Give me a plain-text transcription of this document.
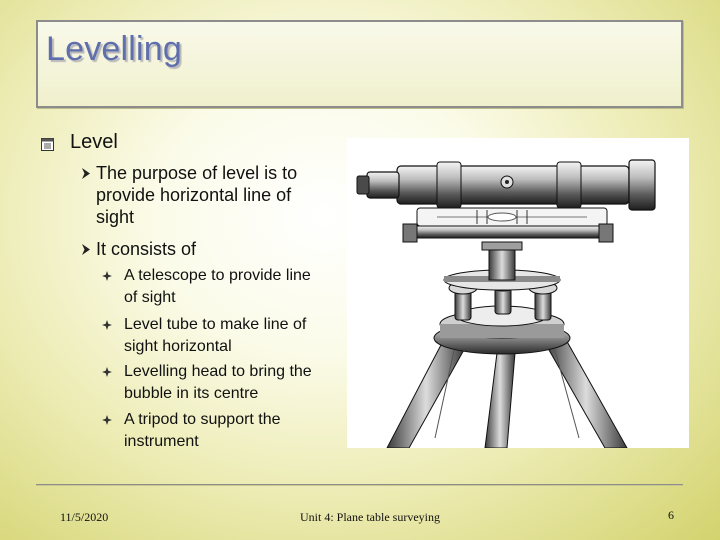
Levelling
Level
The purpose of level is to
provide horizontal line of
sight
It consists of
A telescope to provide line
of sight
Level tube to make line of
sight horizontal
Levelling head to bring the
bubble in its centre
A tripod to support the
instrument
11/5/2020	Unit 4: Plane table surveying	6
